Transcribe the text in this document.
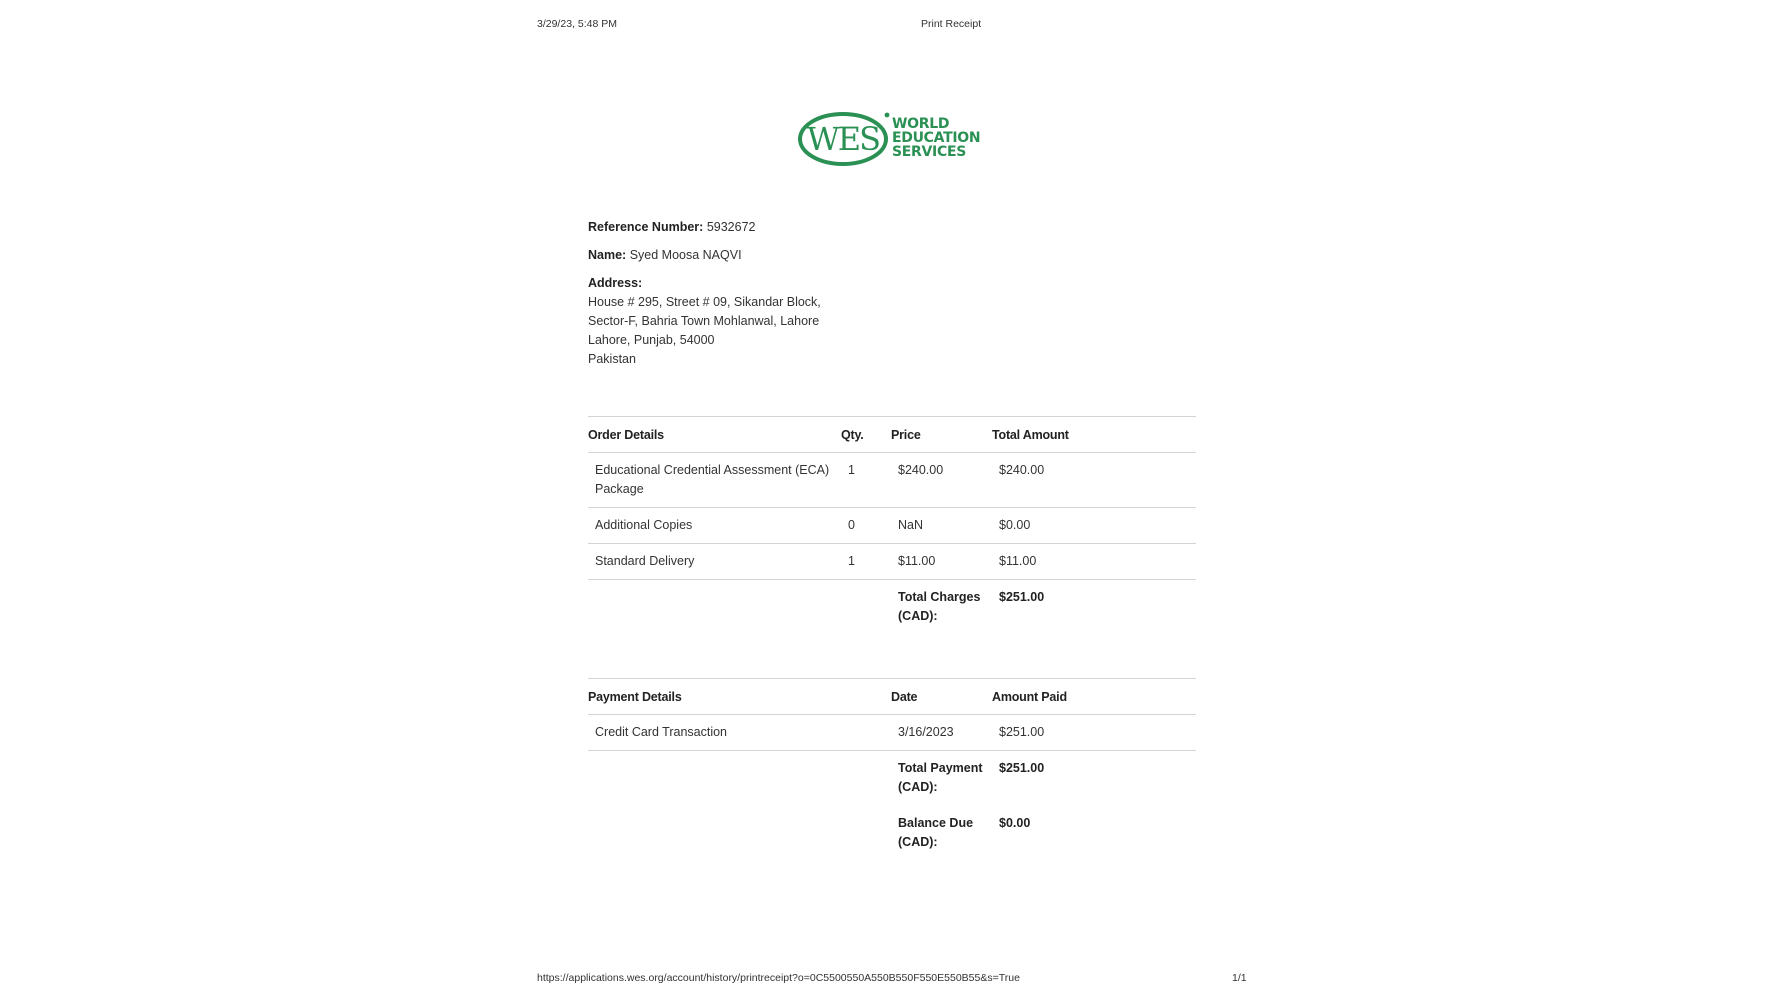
3/29/23, 5:48 PM	Print Receipt
WES WORLD
EDUCATION
SERVICES
Reference Number: 5932672
Name: Syed Moosa NAQVI
Address:
House # 295, Street # 09, Sikandar Block,
Sector-F, Bahria Town Mohlanwal, Lahore
Lahore, Punjab, 54000
Pakistan
Order Details	Qty.	Price	Total Amount
Educational Credential Assessment (ECA) Package	1	$240.00	$240.00
Additional Copies	0	NaN	$0.00
Standard Delivery	1	$11.00	$11.00
		Total Charges (CAD):	$251.00
Payment Details	Date	Amount Paid
Credit Card Transaction	3/16/2023	$251.00
	Total Payment (CAD):	$251.00
	Balance Due (CAD):	$0.00
https://applications.wes.org/account/history/printreceipt?o=0C5500550A550B550F550E550B55&s=True	1/1
